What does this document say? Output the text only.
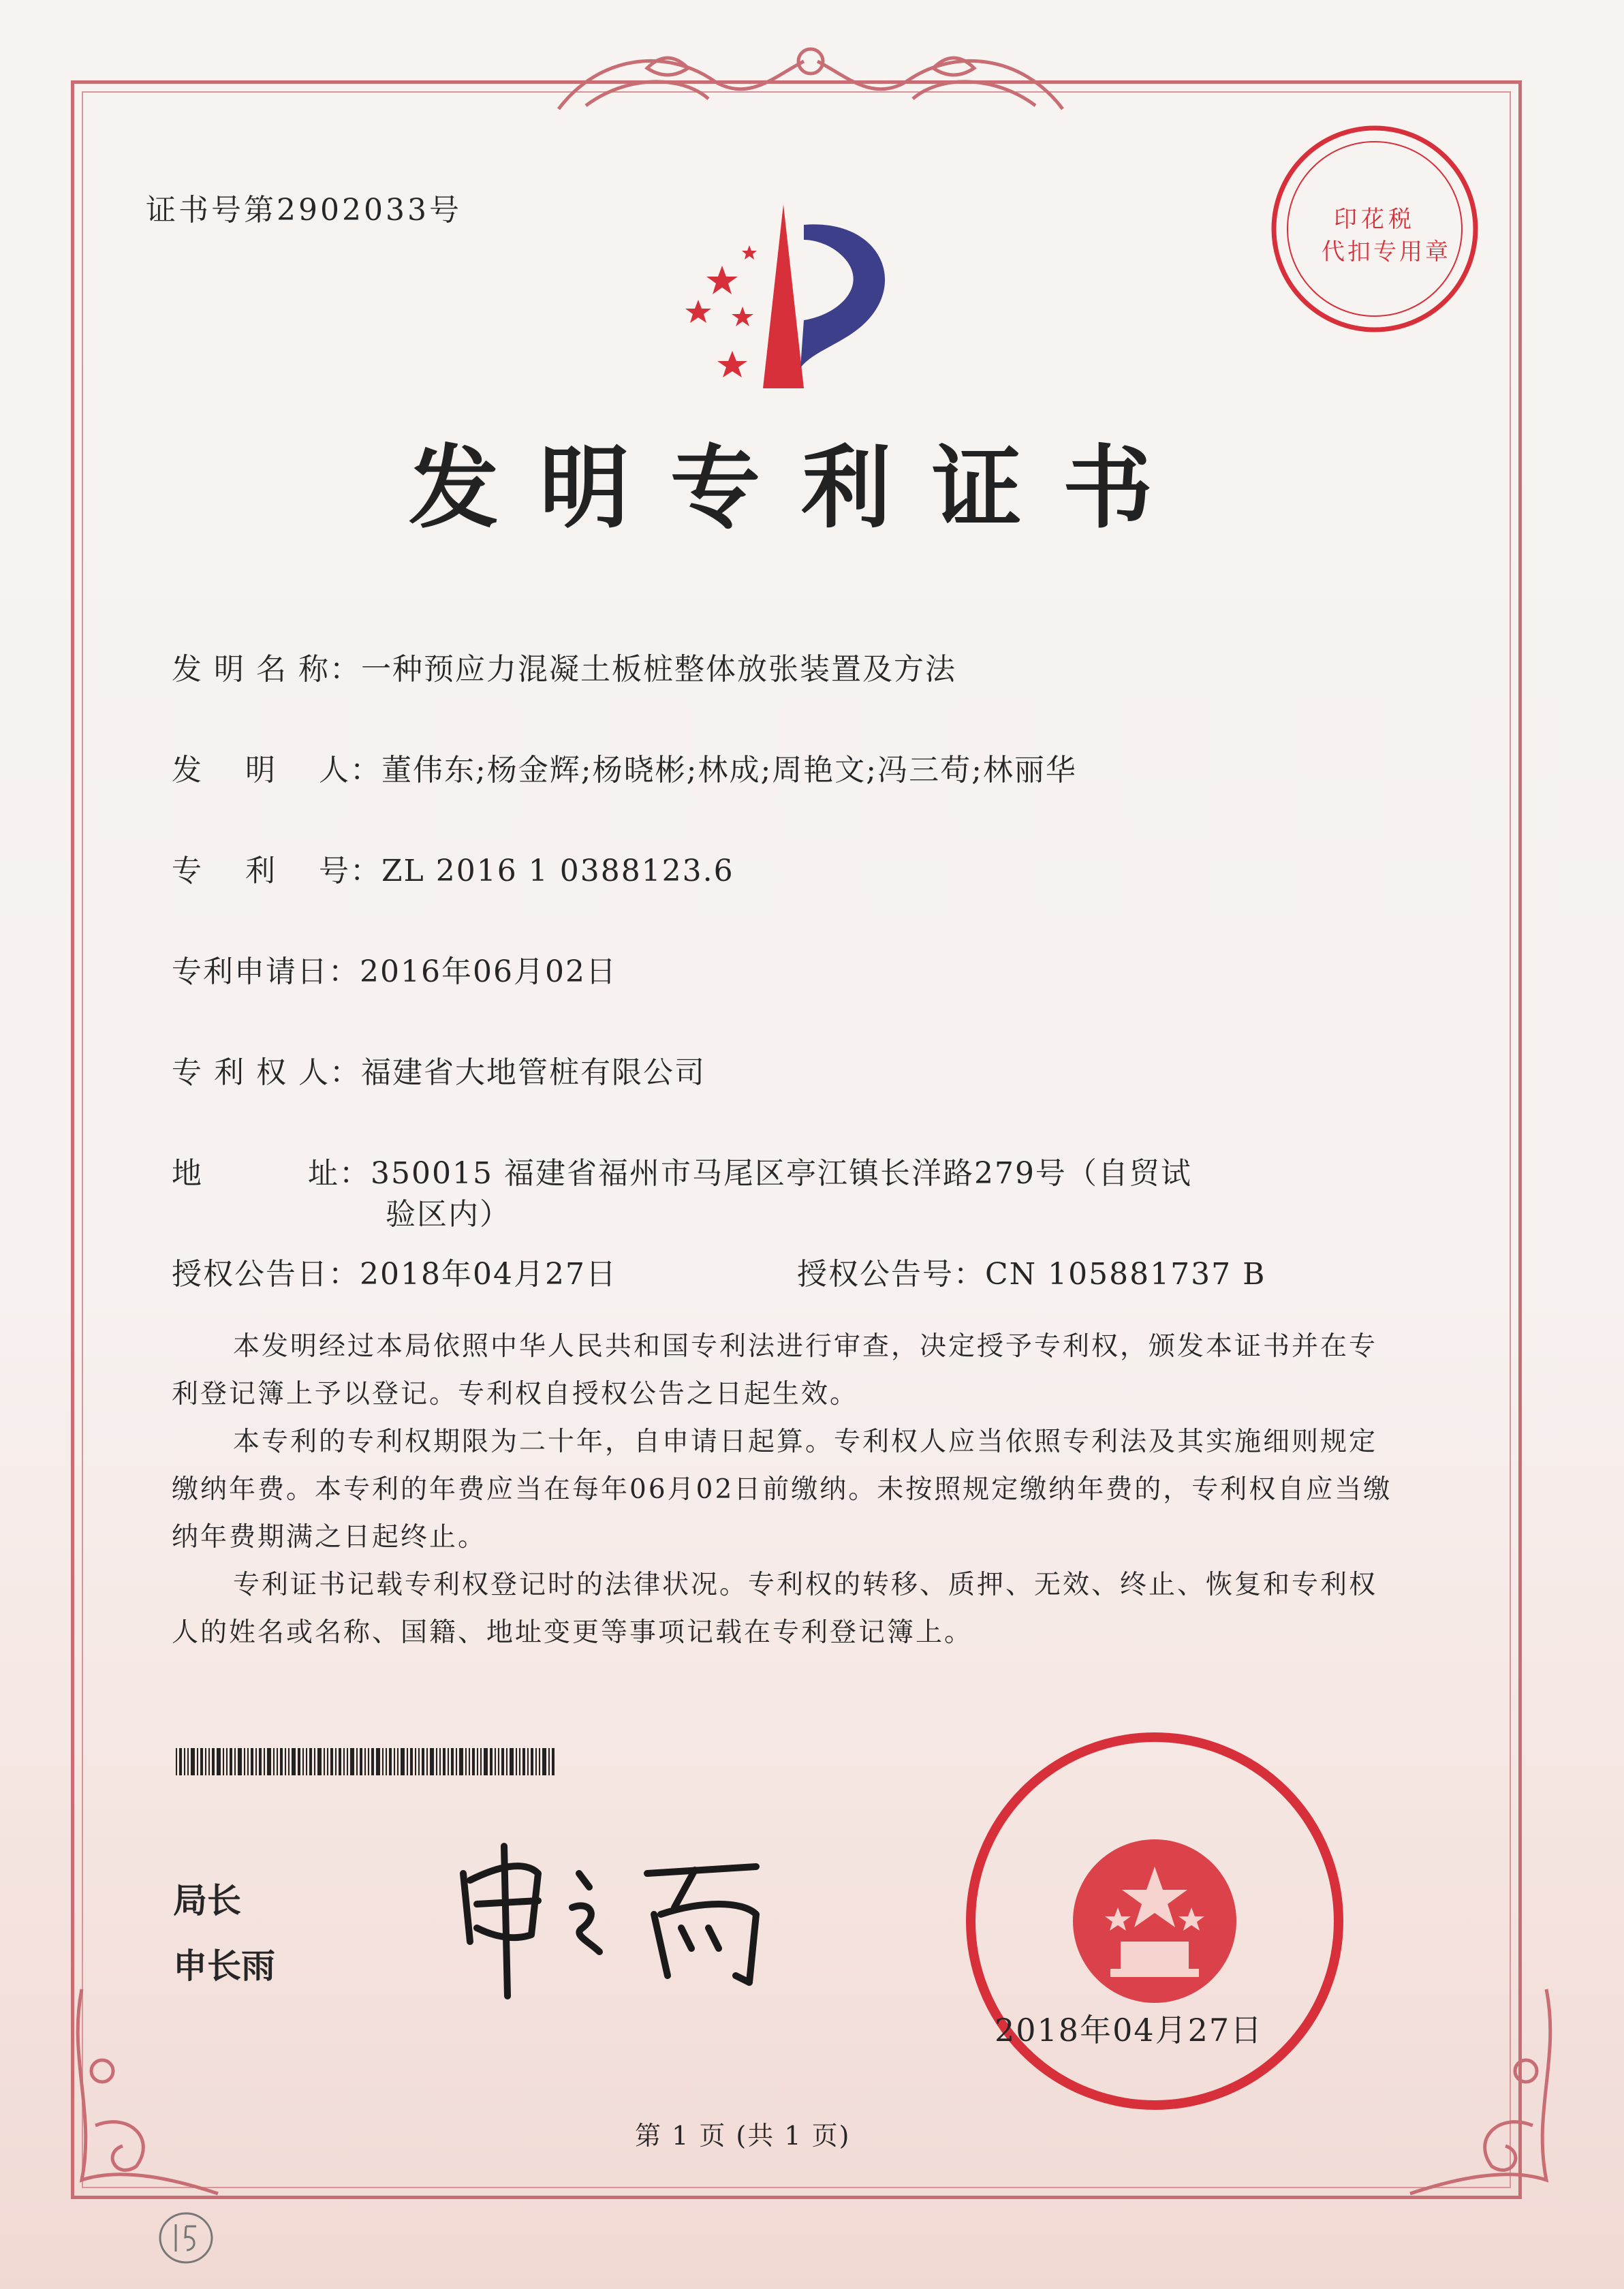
证书号第2902033号	印花税
代扣专用章
发明专利证书
发 明 名 称：一种预应力混凝土板桩整体放张装置及方法
发　 明　 人：董伟东;杨金辉;杨晓彬;林成;周艳文;冯三苟;林丽华
专　 利　 号：ZL 2016 1 0388123.6
专利申请日：2016年06月02日
专 利 权 人：福建省大地管桩有限公司
地　　　 址：350015 福建省福州市马尾区亭江镇长洋路279号（自贸试
验区内）
授权公告日：2018年04月27日	授权公告号：CN 105881737 B
本发明经过本局依照中华人民共和国专利法进行审查，决定授予专利权，颁发本证书并在专利登记簿上予以登记。专利权自授权公告之日起生效。
本专利的专利权期限为二十年，自申请日起算。专利权人应当依照专利法及其实施细则规定缴纳年费。本专利的年费应当在每年06月02日前缴纳。未按照规定缴纳年费的，专利权自应当缴纳年费期满之日起终止。
专利证书记载专利权登记时的法律状况。专利权的转移、质押、无效、终止、恢复和专利权人的姓名或名称、国籍、地址变更等事项记载在专利登记簿上。
局长
申长雨
2018年04月27日
第 1 页 (共 1 页)
